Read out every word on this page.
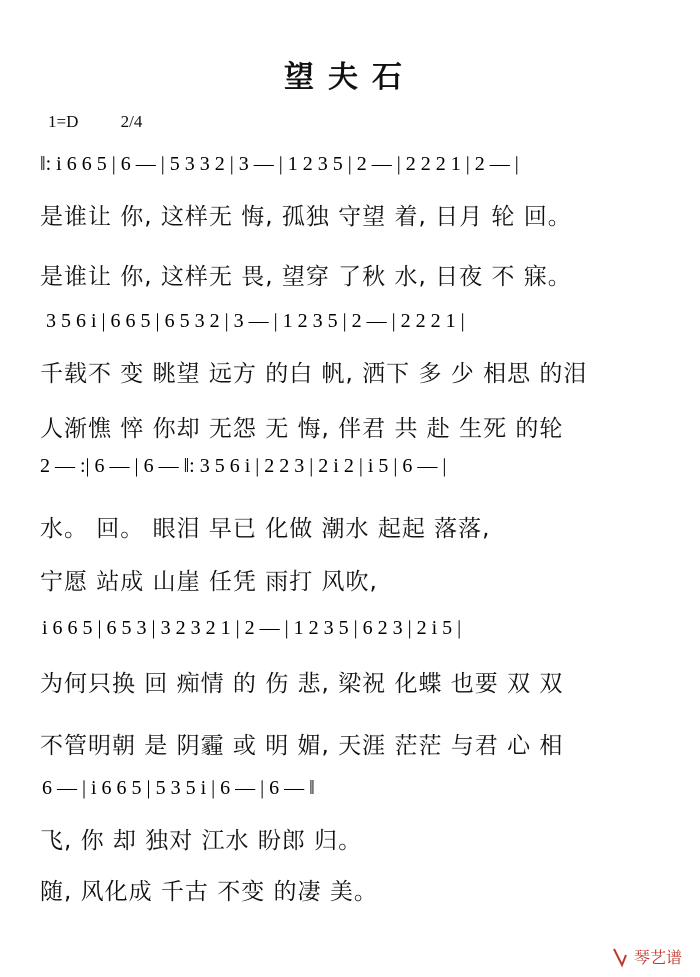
望夫石
1=D 2/4
‖: i 6 6 5 | 6 — | 5 3 3 2 | 3 — | 1 2 3 5 | 2 — | 2 2 2 1 | 2 — |
是谁让 你, 这样无 悔, 孤独 守望 着, 日月 轮 回。
是谁让 你, 这样无 畏, 望穿 了秋 水, 日夜 不 寐。
3 5 6 i | 6 6 5 | 6 5 3 2 | 3 — | 1 2 3 5 | 2 — | 2 2 2 1 |
千载不 变 眺望 远方 的白 帆, 洒下 多 少 相思 的泪
人渐憔 悴 你却 无怨 无 悔, 伴君 共 赴 生死 的轮
2 — :| 6 — | 6 — ‖: 3 5 6 i | 2 2 3 | 2 i 2 | i 5 | 6 — |
水。 回。 眼泪 早已 化做 潮水 起起 落落,
宁愿 站成 山崖 任凭 雨打 风吹,
i 6 6 5 | 6 5 3 | 3 2 3 2 1 | 2 — | 1 2 3 5 | 6 2 3 | 2 i 5 |
为何只换 回 痴情 的 伤 悲, 梁祝 化蝶 也要 双 双
不管明朝 是 阴霾 或 明 媚, 天涯 茫茫 与君 心 相
6 — | i 6 6 5 | 5 3 5 i | 6 — | 6 — ‖
飞, 你 却 独对 江水 盼郎 归。
随, 风化成 千古 不变 的凄 美。
琴艺谱
